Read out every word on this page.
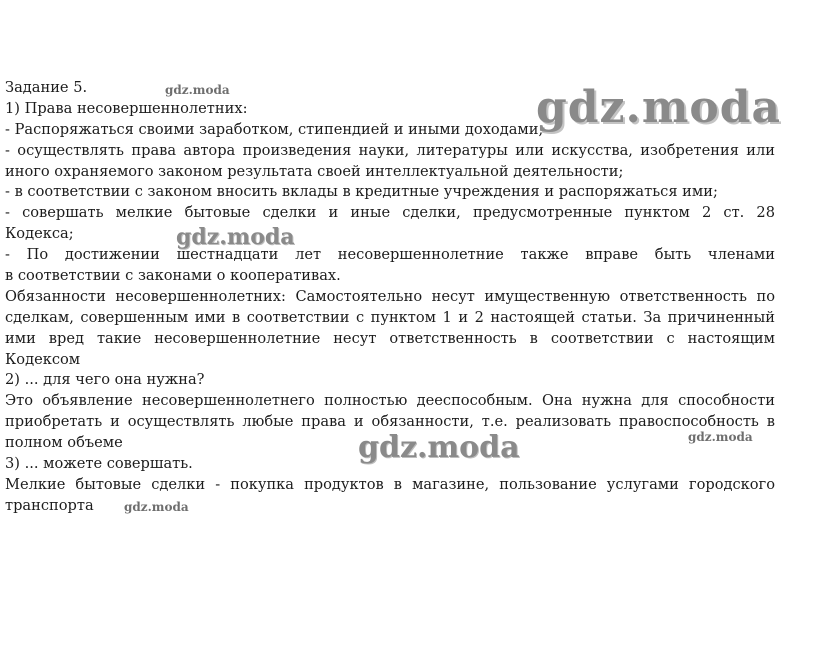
Задание 5.
1) Права несовершеннолетних:
- Распоряжаться своими заработком, стипендией и иными доходами;
- осуществлять права автора произведения науки, литературы или искусства, изобретения или
иного охраняемого законом результата своей интеллектуальной деятельности;
- в соответствии с законом вносить вклады в кредитные учреждения и распоряжаться ими;
- совершать мелкие бытовые сделки и иные сделки, предусмотренные пунктом 2 ст. 28
Кодекса;
- По достижении шестнадцати лет несовершеннолетние также вправе быть членами
в соответствии с законами о кооперативах.
Обязанности несовершеннолетних: Самостоятельно несут имущественную ответственность по
сделкам, совершенным ими в соответствии с пунктом 1 и 2 настоящей статьи. За причиненный
ими вред такие несовершеннолетние несут ответственность в соответствии с настоящим
Кодексом
2) ... для чего она нужна?
Это объявление несовершеннолетнего полностью дееспособным. Она нужна для способности
приобретать и осуществлять любые права и обязанности, т.е. реализовать правоспособность в
полном объеме
3) ... можете совершать.
Мелкие бытовые сделки - покупка продуктов в магазине, пользование услугами городского
транспорта
gdz.moda	gdz.moda
gdz.moda
gdz.moda	gdz.moda
gdz.moda
